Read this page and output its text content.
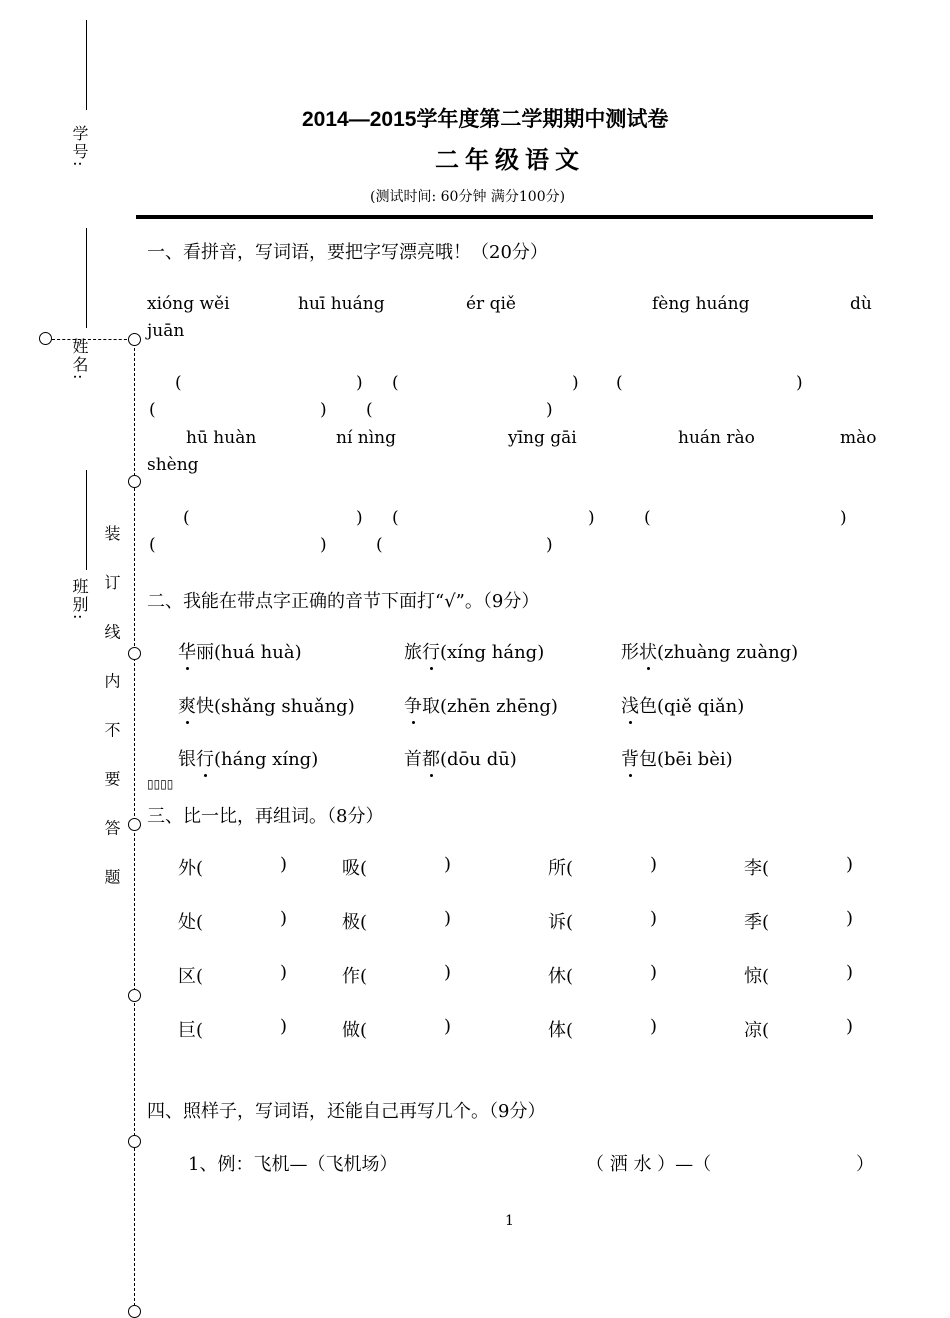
学号:
姓名:
班别: 装 订 线 内 不 要 答 题
2014—2015学年度第二学期期中测试卷
二年级语文
(测试时间: 60分钟 满分100分)
一、看拼音，写词语，要把字写漂亮哦！（20分）
xióng wěi	huī huáng	ér qiě	fèng huáng	dù
juān
(	) (	) (	)
(	) (	)
hū huàn	ní nìng	yīng gāi	huán rào	mào
shèng
(	) (	)	(	)
(	)	(	)
二、我能在带点字正确的音节下面打“√”。（9分）
华丽(huá huà)	旅行(xíng háng)	形状(zhuàng zuàng)
爽快(shǎng shuǎng)	争取(zhēn zhēng)	浅色(qiě qiǎn)
银行(háng xíng)	首都(dōu dū)	背包(bēi bèi)
▯▯▯▯
三、比一比，再组词。（8分）
外(	)	吸(	)	所(	)	李(	)
处(	)	极(	)	诉(	)	季(	)
区(	)	作(	)	休(	)	惊(	)
巨(	)	做(	)	体(	)	凉(	)
四、照样子，写词语，还能自己再写几个。（9分）
1、例：飞机—（飞机场）	（ 洒 水 ）—（	）
1
